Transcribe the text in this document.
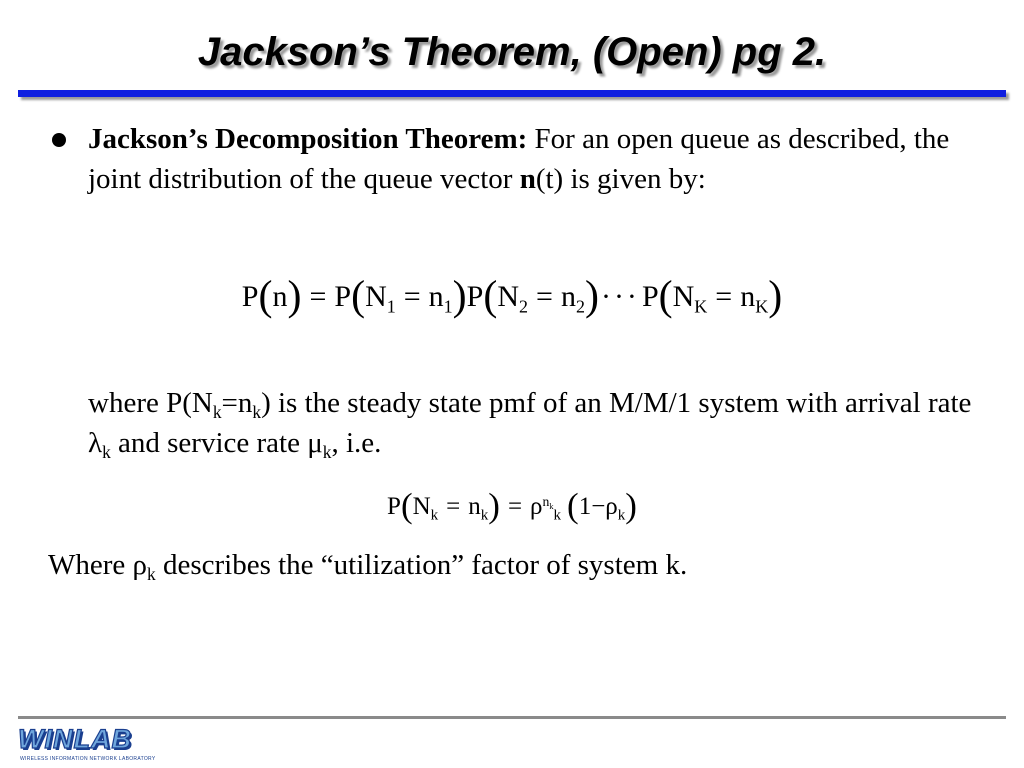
Jackson’s Theorem, (Open) pg 2.
Jackson’s Decomposition Theorem: For an open queue as described, the joint distribution of the queue vector n(t) is given by:
$P(n) = P(N_1 = n_1)P(N_2 = n_2)\cdot\cdot\cdot P(N_K = n_K)$
where $P(N_k=n_k)$ is the steady state pmf of an M/M/1 system with arrival rate $\lambda_k$ and service rate $\mu_k$, i.e.
$P(N_k = n_k) = \rho^{n_k}_k$ $(1-\rho_k)$
Where $\rho_k$ describes the “utilization” factor of system k.
WINLAB
WIRELESS INFORMATION NETWORK LABORATORY
